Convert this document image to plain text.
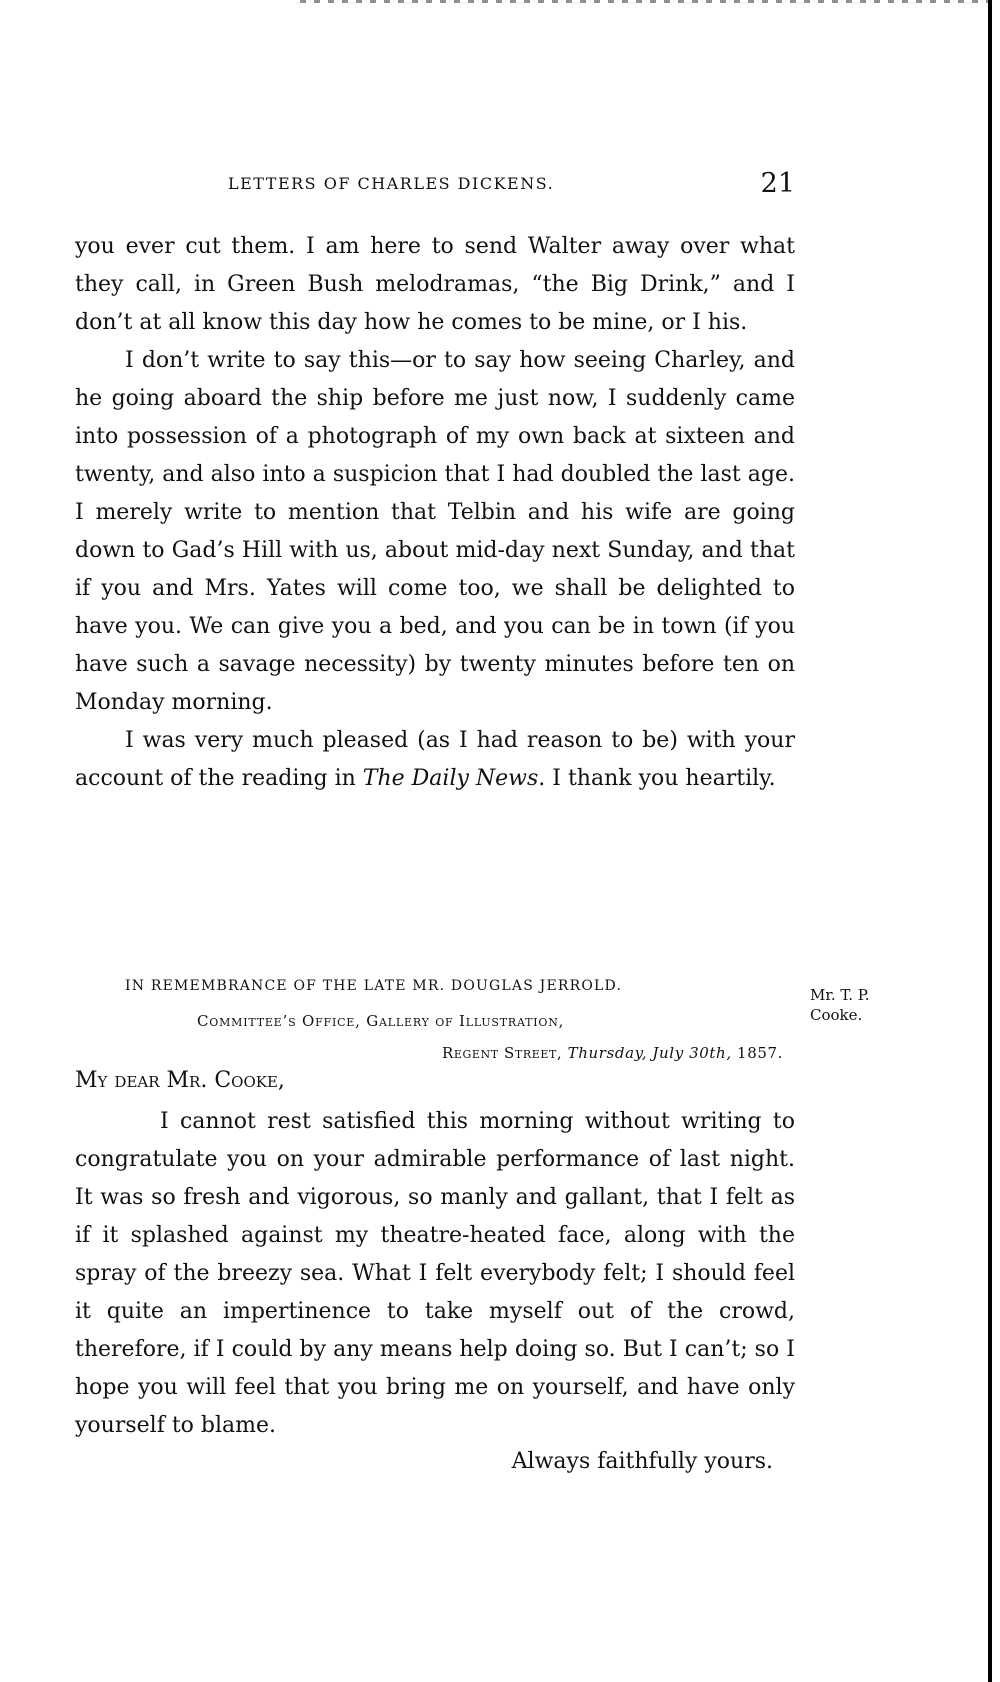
LETTERS OF CHARLES DICKENS.	21

you ever cut them. I am here to send Walter away over what they call, in Green Bush melodramas, “the Big Drink,” and I don’t at all know this day how he comes to be mine, or I his.

I don’t write to say this—or to say how seeing Charley, and he going aboard the ship before me just now, I suddenly came into possession of a photograph of my own back at sixteen and twenty, and also into a suspicion that I had doubled the last age. I merely write to mention that Telbin and his wife are going down to Gad’s Hill with us, about mid-day next Sunday, and that if you and Mrs. Yates will come too, we shall be delighted to have you. We can give you a bed, and you can be in town (if you have such a savage necessity) by twenty minutes before ten on Monday morning.

I was very much pleased (as I had reason to be) with your account of the reading in The Daily News. I thank you heartily.

Mr. T. P. Cooke.
IN REMEMBRANCE OF THE LATE MR. DOUGLAS JERROLD.
Committee’s Office, Gallery of Illustration,
Regent Street, Thursday, July 30th, 1857.
My dear Mr. Cooke,

I cannot rest satisfied this morning without writing to congratulate you on your admirable performance of last night. It was so fresh and vigorous, so manly and gallant, that I felt as if it splashed against my theatre-heated face, along with the spray of the breezy sea. What I felt everybody felt; I should feel it quite an impertinence to take myself out of the crowd, therefore, if I could by any means help doing so. But I can’t; so I hope you will feel that you bring me on yourself, and have only yourself to blame.

Always faithfully yours.
